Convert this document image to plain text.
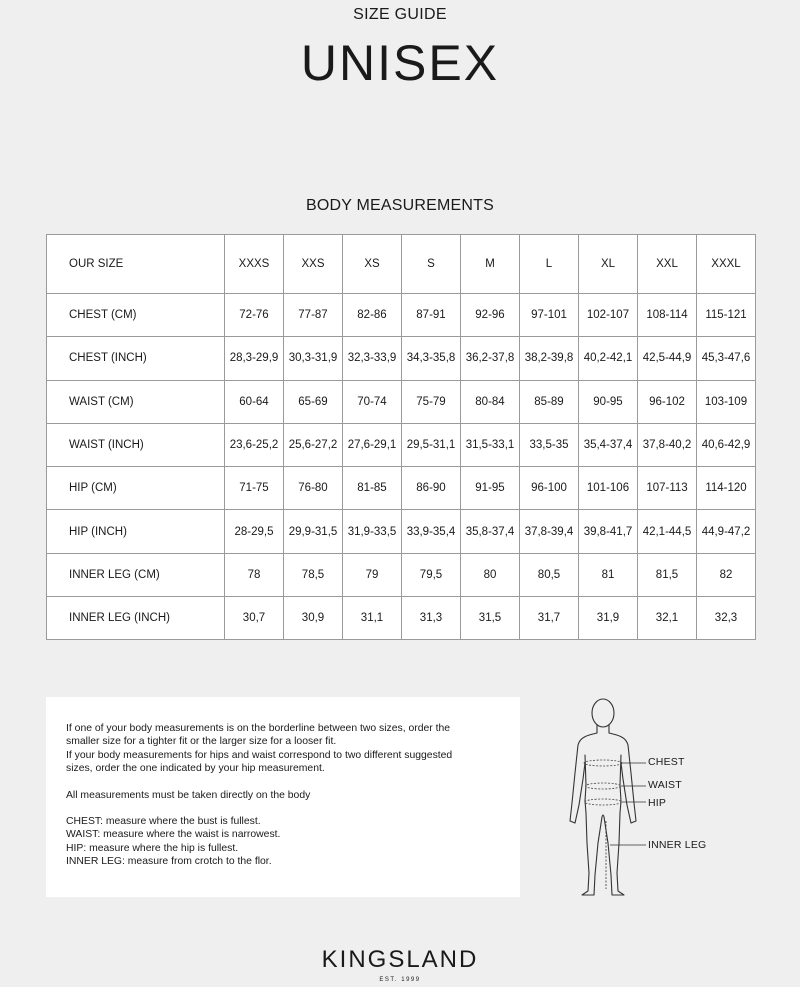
SIZE GUIDE
UNISEX
BODY MEASUREMENTS
OUR SIZE	XXXS	XXS	XS	S	M	L	XL	XXL	XXXL
CHEST (CM)	72-76	77-87	82-86	87-91	92-96	97-101	102-107	108-114	115-121
CHEST (INCH)	28,3-29,9	30,3-31,9	32,3-33,9	34,3-35,8	36,2-37,8	38,2-39,8	40,2-42,1	42,5-44,9	45,3-47,6
WAIST (CM)	60-64	65-69	70-74	75-79	80-84	85-89	90-95	96-102	103-109
WAIST (INCH)	23,6-25,2	25,6-27,2	27,6-29,1	29,5-31,1	31,5-33,1	33,5-35	35,4-37,4	37,8-40,2	40,6-42,9
HIP (CM)	71-75	76-80	81-85	86-90	91-95	96-100	101-106	107-113	114-120
HIP (INCH)	28-29,5	29,9-31,5	31,9-33,5	33,9-35,4	35,8-37,4	37,8-39,4	39,8-41,7	42,1-44,5	44,9-47,2
INNER LEG (CM)	78	78,5	79	79,5	80	80,5	81	81,5	82
INNER LEG (INCH)	30,7	30,9	31,1	31,3	31,5	31,7	31,9	32,1	32,3

If one of your body measurements is on the borderline between two sizes, order the

smaller size for a tighter fit or the larger size for a looser fit.

If your body measurements for hips and waist correspond to two different suggested

sizes, order the one indicated by your hip measurement.

All measurements must be taken directly on the body

CHEST: measure where the bust is fullest.

WAIST: measure where the waist is narrowest.

HIP: measure where the hip is fullest.

INNER LEG: measure from crotch to the flor.

CHEST
WAIST
HIP
INNER LEG
KINGSLAND
EST. 1999
